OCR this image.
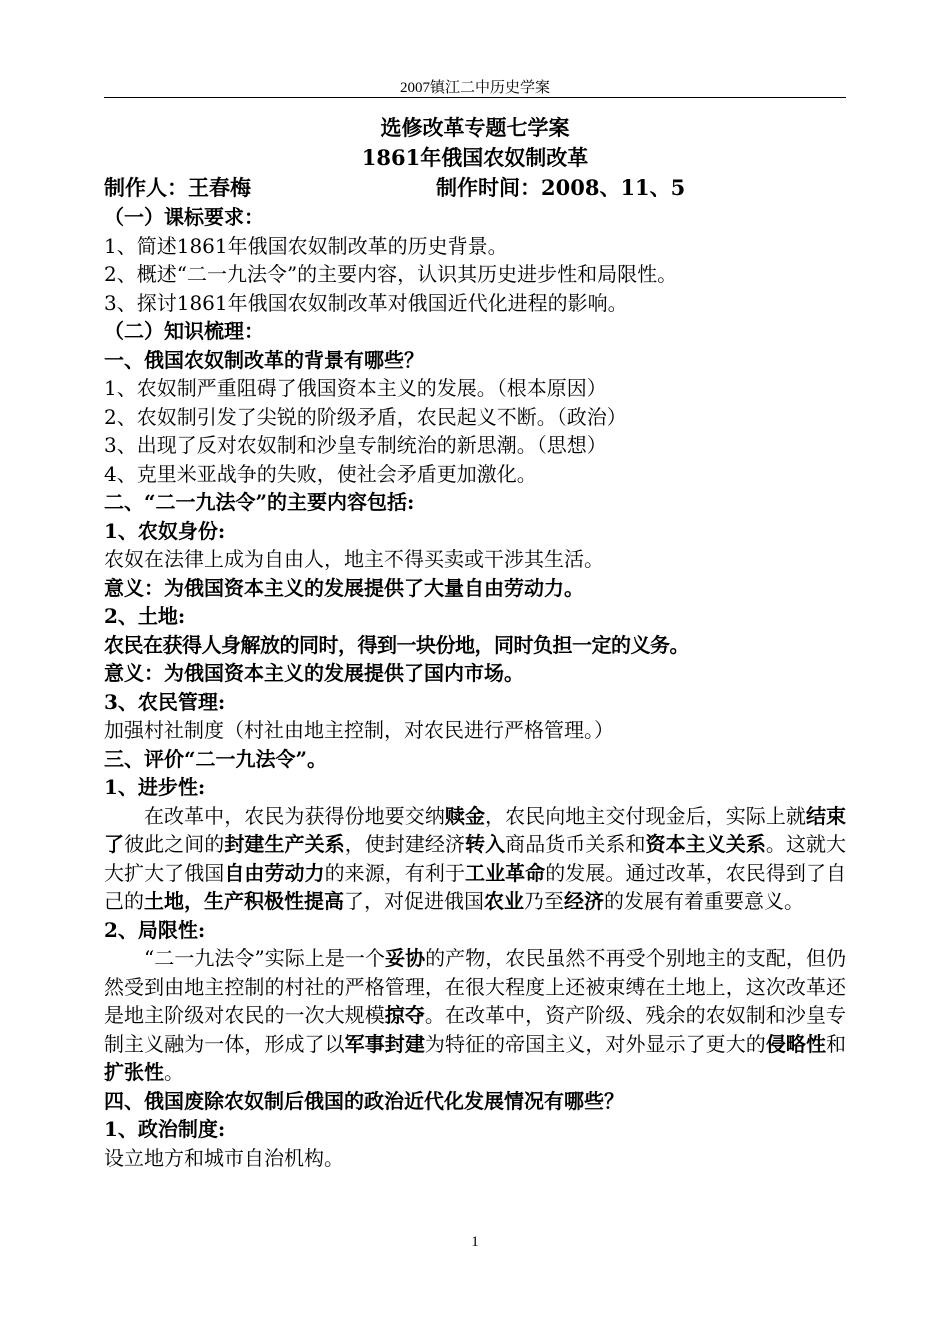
2007镇江二中历史学案
选修改革专题七学案
1861年俄国农奴制改革
制作人：王春梅	制作时间：2008、11、5
（一）课标要求：
1、简述1861年俄国农奴制改革的历史背景。
2、概述“二一九法令”的主要内容，认识其历史进步性和局限性。
3、探讨1861年俄国农奴制改革对俄国近代化进程的影响。
（二）知识梳理：
一、俄国农奴制改革的背景有哪些？
1、农奴制严重阻碍了俄国资本主义的发展。（根本原因）
2、农奴制引发了尖锐的阶级矛盾，农民起义不断。（政治）
3、出现了反对农奴制和沙皇专制统治的新思潮。（思想）
4、克里米亚战争的失败，使社会矛盾更加激化。
二、“二一九法令”的主要内容包括:
1、农奴身份:
农奴在法律上成为自由人，地主不得买卖或干涉其生活。
意义：为俄国资本主义的发展提供了大量自由劳动力。
2、土地:
农民在获得人身解放的同时，得到一块份地，同时负担一定的义务。
意义：为俄国资本主义的发展提供了国内市场。
3、农民管理:
加强村社制度（村社由地主控制，对农民进行严格管理。）
三、评价“二一九法令”。
1、进步性:
在改革中，农民为获得份地要交纳赎金，农民向地主交付现金后，实际上就结束了彼此之间的封建生产关系，使封建经济转入商品货币关系和资本主义关系。这就大大扩大了俄国自由劳动力的来源，有利于工业革命的发展。通过改革，农民得到了自己的土地，生产积极性提高了，对促进俄国农业乃至经济的发展有着重要意义。
2、局限性:
“二一九法令”实际上是一个妥协的产物，农民虽然不再受个别地主的支配，但仍然受到由地主控制的村社的严格管理，在很大程度上还被束缚在土地上，这次改革还是地主阶级对农民的一次大规模掠夺。在改革中，资产阶级、残余的农奴制和沙皇专制主义融为一体，形成了以军事封建为特征的帝国主义，对外显示了更大的侵略性和扩张性。
四、俄国废除农奴制后俄国的政治近代化发展情况有哪些？
1、政治制度:
设立地方和城市自治机构。
1
